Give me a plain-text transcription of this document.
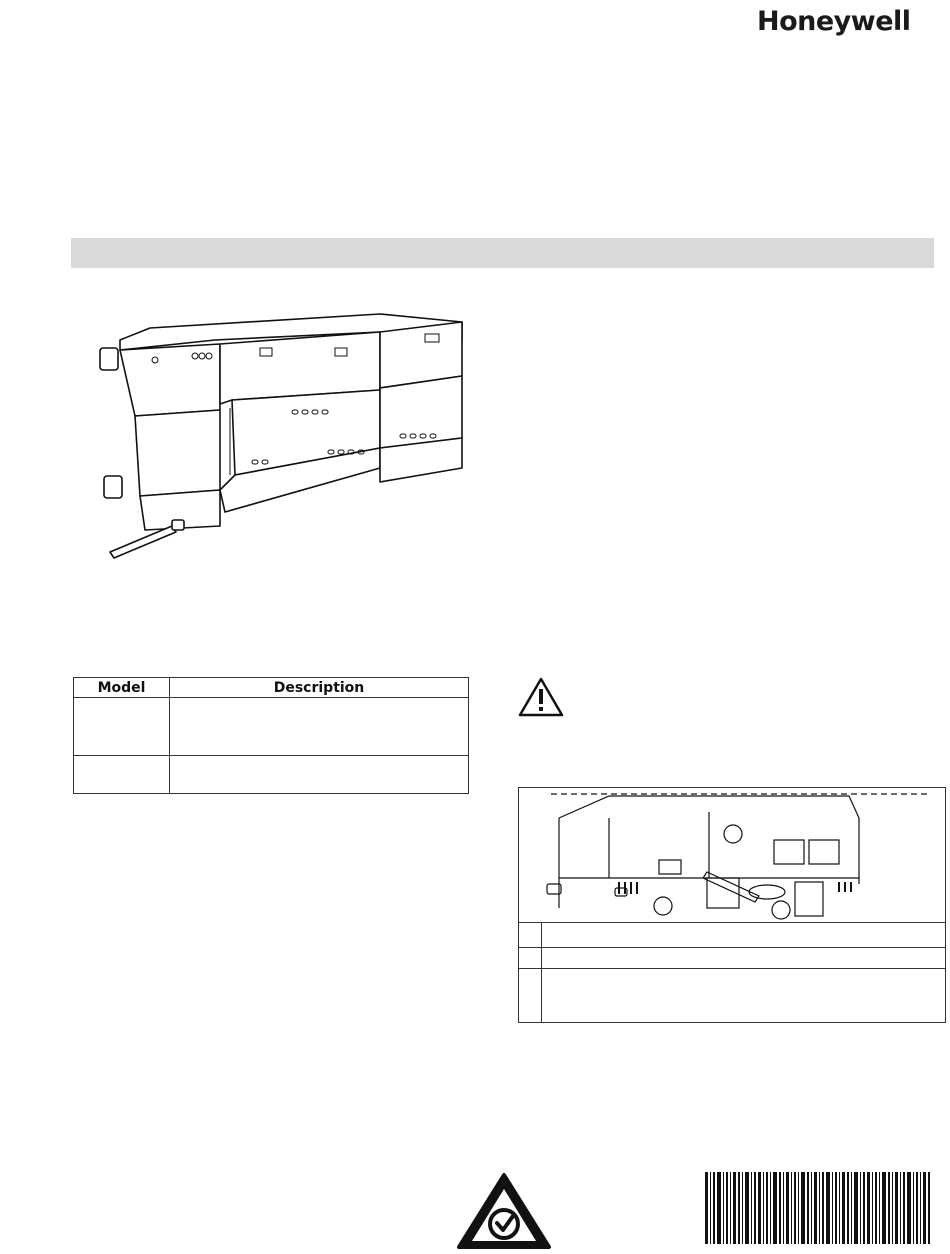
Honeywell
Model	Description
